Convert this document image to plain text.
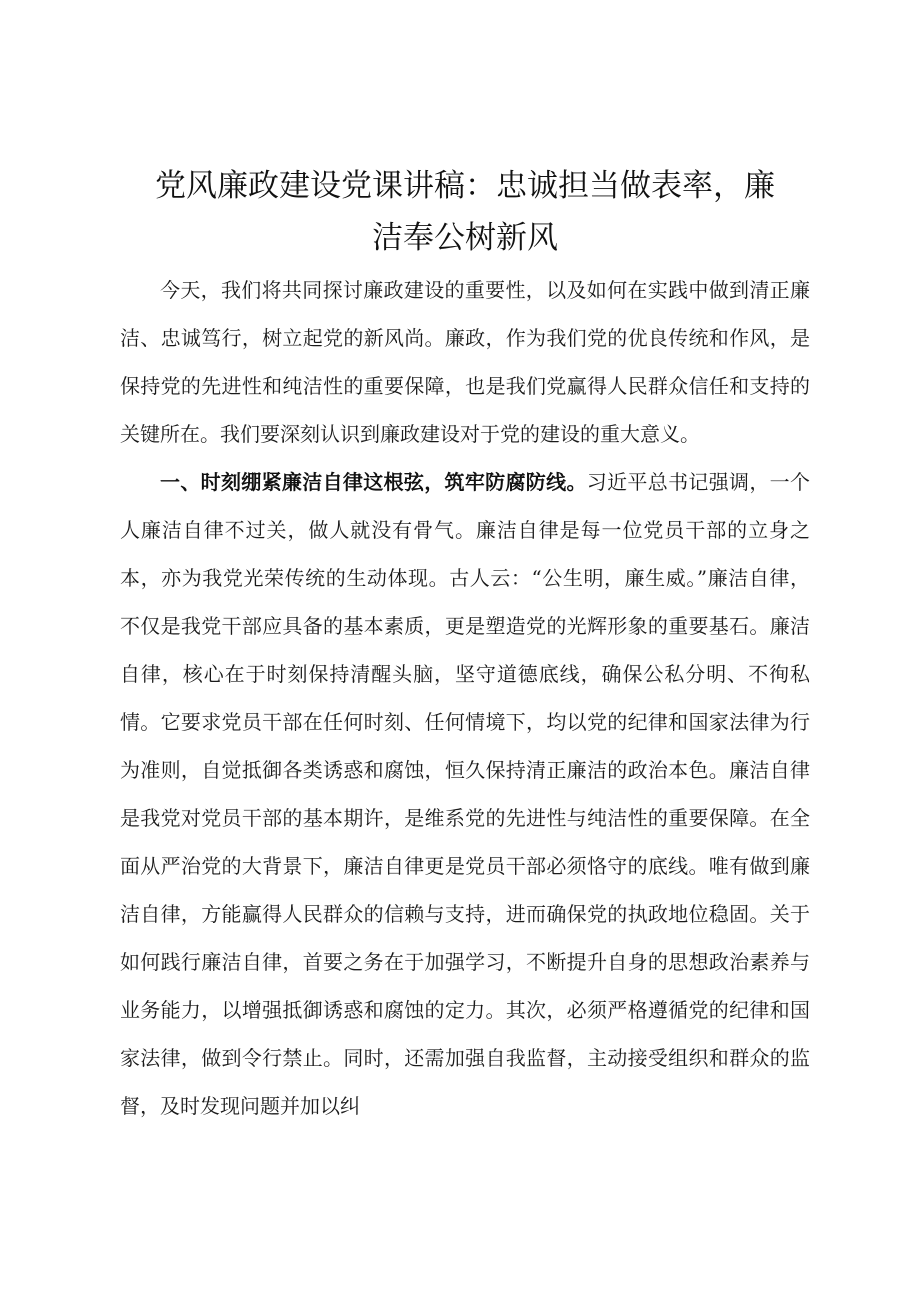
党风廉政建设党课讲稿：忠诚担当做表率，廉
洁奉公树新风

今天，我们将共同探讨廉政建设的重要性，以及如何在实践中做到清正廉洁、忠诚笃行，树立起党的新风尚。廉政，作为我们党的优良传统和作风，是保持党的先进性和纯洁性的重要保障，也是我们党赢得人民群众信任和支持的关键所在。我们要深刻认识到廉政建设对于党的建设的重大意义。

一、时刻绷紧廉洁自律这根弦，筑牢防腐防线。习近平总书记强调，一个人廉洁自律不过关，做人就没有骨气。廉洁自律是每一位党员干部的立身之本，亦为我党光荣传统的生动体现。古人云：“公生明，廉生威。”廉洁自律，不仅是我党干部应具备的基本素质，更是塑造党的光辉形象的重要基石。廉洁自律，核心在于时刻保持清醒头脑，坚守道德底线，确保公私分明、不徇私情。它要求党员干部在任何时刻、任何情境下，均以党的纪律和国家法律为行为准则，自觉抵御各类诱惑和腐蚀，恒久保持清正廉洁的政治本色。廉洁自律是我党对党员干部的基本期许，是维系党的先进性与纯洁性的重要保障。在全面从严治党的大背景下，廉洁自律更是党员干部必须恪守的底线。唯有做到廉洁自律，方能赢得人民群众的信赖与支持，进而确保党的执政地位稳固。关于如何践行廉洁自律，首要之务在于加强学习，不断提升自身的思想政治素养与业务能力，以增强抵御诱惑和腐蚀的定力。其次，必须严格遵循党的纪律和国家法律，做到令行禁止。同时，还需加强自我监督，主动接受组织和群众的监督，及时发现问题并加以纠
